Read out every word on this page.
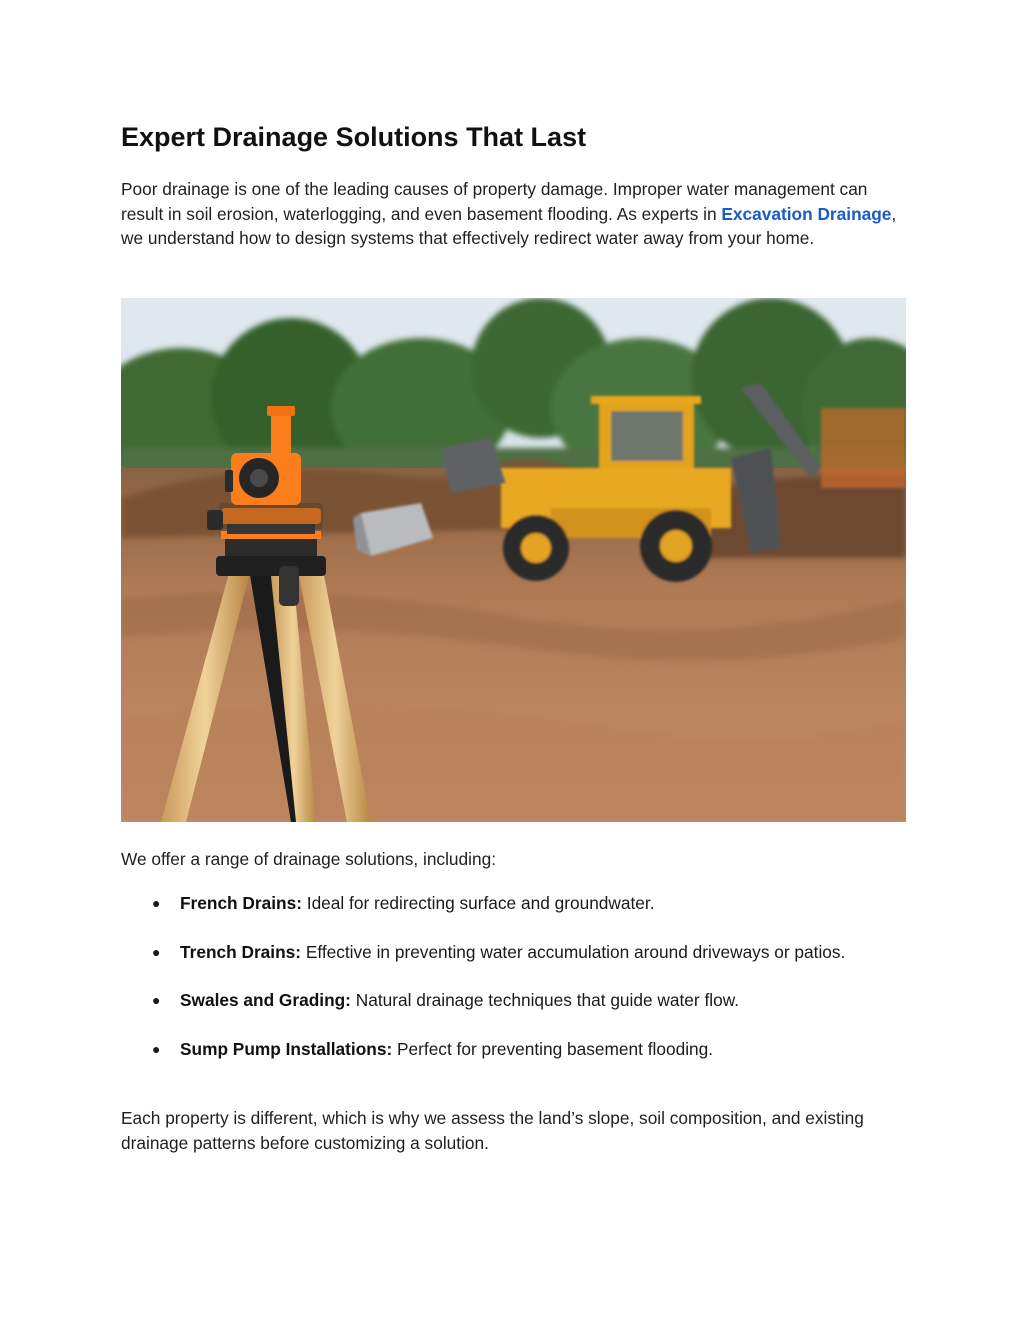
Expert Drainage Solutions That Last

Poor drainage is one of the leading causes of property damage. Improper water management can result in soil erosion, waterlogging, and even basement flooding. As experts in Excavation Drainage, we understand how to design systems that effectively redirect water away from your home.

We offer a range of drainage solutions, including:

● French Drains: Ideal for redirecting surface and groundwater.
● Trench Drains: Effective in preventing water accumulation around driveways or patios.
● Swales and Grading: Natural drainage techniques that guide water flow.
● Sump Pump Installations: Perfect for preventing basement flooding.

Each property is different, which is why we assess the land’s slope, soil composition, and existing drainage patterns before customizing a solution.
